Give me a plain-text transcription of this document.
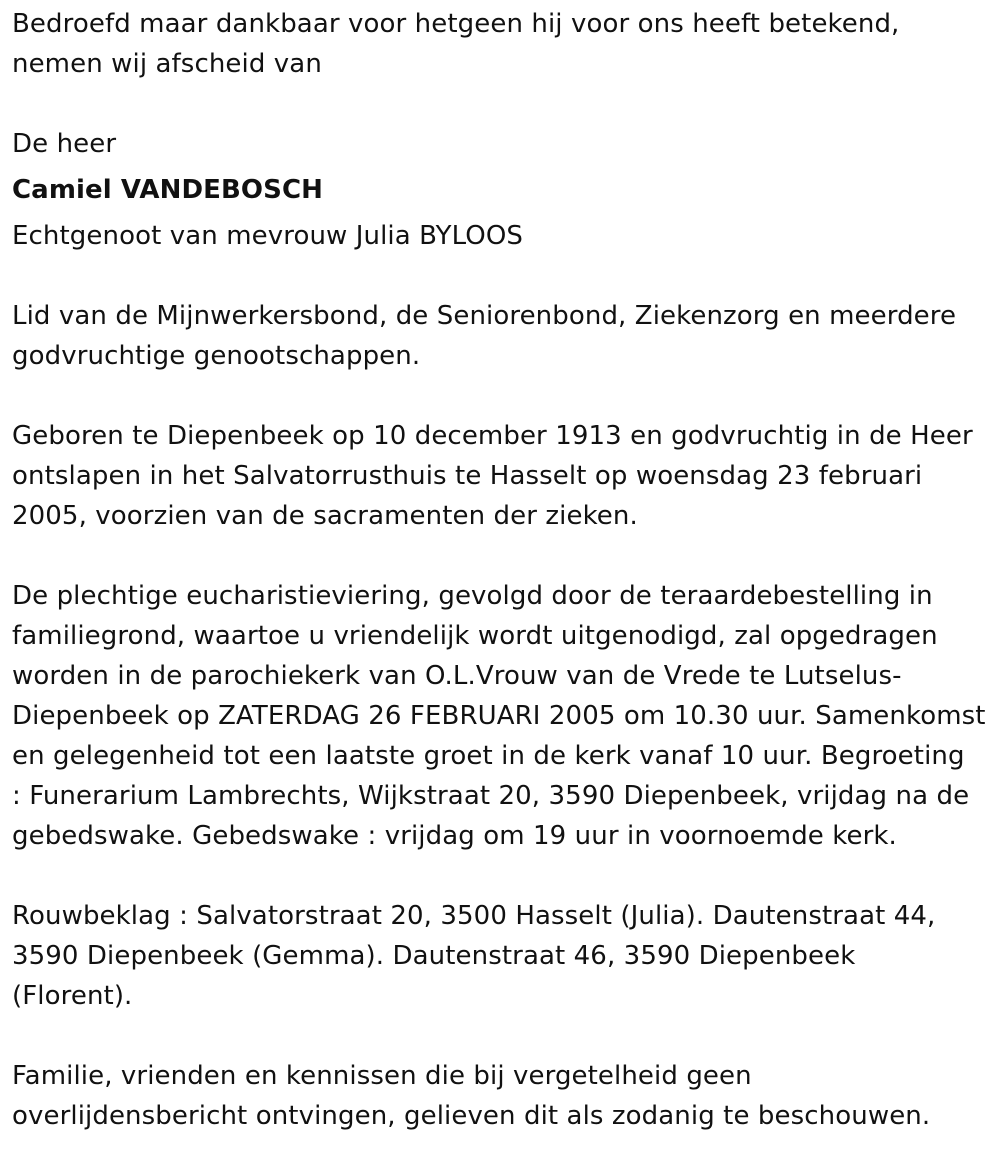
Bedroefd maar dankbaar voor hetgeen hij voor ons heeft betekend,
nemen wij afscheid van
De heer
Camiel VANDEBOSCH
Echtgenoot van mevrouw Julia BYLOOS
Lid van de Mijnwerkersbond, de Seniorenbond, Ziekenzorg en meerdere
godvruchtige genootschappen.
Geboren te Diepenbeek op 10 december 1913 en godvruchtig in de Heer
ontslapen in het Salvatorrusthuis te Hasselt op woensdag 23 februari
2005, voorzien van de sacramenten der zieken.
De plechtige eucharistieviering, gevolgd door de teraardebestelling in
familiegrond, waartoe u vriendelijk wordt uitgenodigd, zal opgedragen
worden in de parochiekerk van O.L.Vrouw van de Vrede te Lutselus-
Diepenbeek op ZATERDAG 26 FEBRUARI 2005 om 10.30 uur. Samenkomst
en gelegenheid tot een laatste groet in de kerk vanaf 10 uur. Begroeting
: Funerarium Lambrechts, Wijkstraat 20, 3590 Diepenbeek, vrijdag na de
gebedswake. Gebedswake : vrijdag om 19 uur in voornoemde kerk.
Rouwbeklag : Salvatorstraat 20, 3500 Hasselt (Julia). Dautenstraat 44,
3590 Diepenbeek (Gemma). Dautenstraat 46, 3590 Diepenbeek
(Florent).
Familie, vrienden en kennissen die bij vergetelheid geen
overlijdensbericht ontvingen, gelieven dit als zodanig te beschouwen.
